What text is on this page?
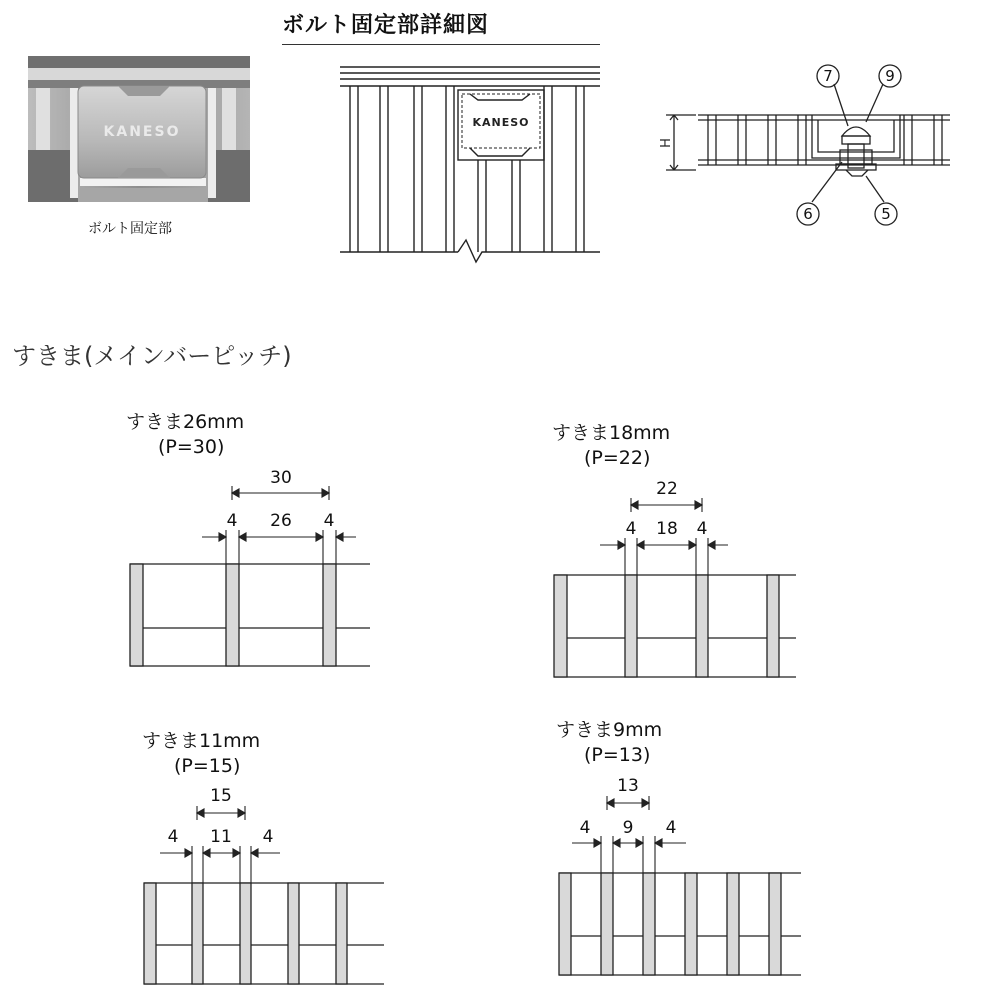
ボルト固定部詳細図
KANESO
KANESO
H
7	9
6	5
30
4 26 4
22
4 18 4
15
4 11 4
13
4 9 4
ボルト固定部
すきま(メインバーピッチ)
すきま26mm
(P=30)
すきま18mm
(P=22)
すきま11mm
(P=15)
すきま9mm
(P=13)
